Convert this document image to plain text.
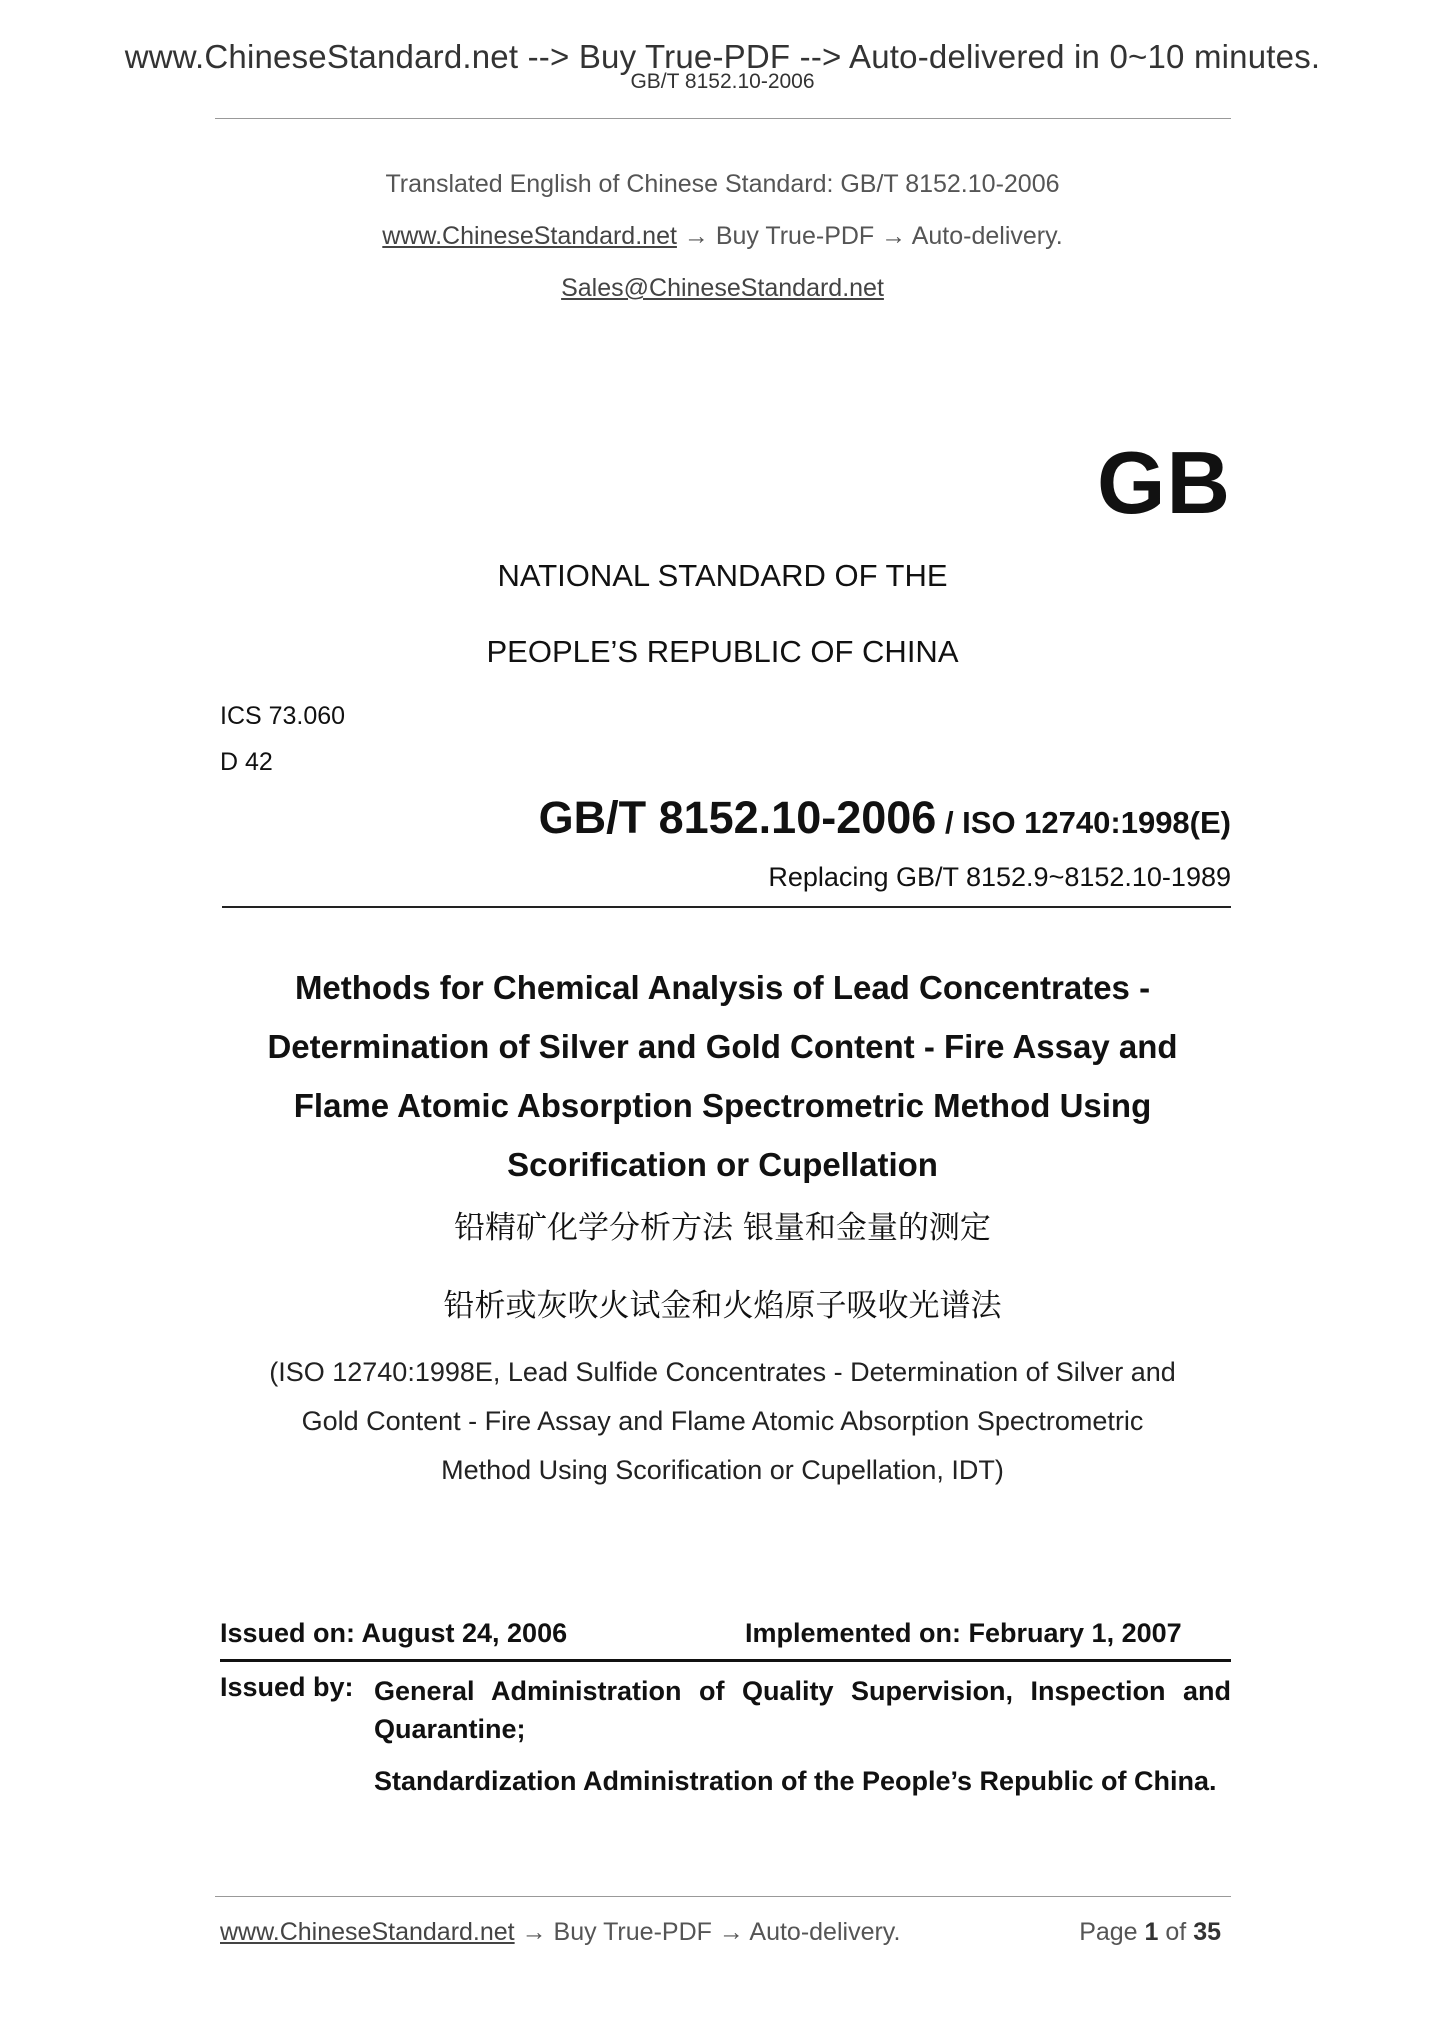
www.ChineseStandard.net --> Buy True-PDF --> Auto-delivered in 0~10 minutes.
GB/T 8152.10-2006
Translated English of Chinese Standard: GB/T 8152.10-2006
www.ChineseStandard.net → Buy True-PDF → Auto-delivery.
Sales@ChineseStandard.net
GB
NATIONAL STANDARD OF THE
PEOPLE’S REPUBLIC OF CHINA
ICS 73.060
D 42
GB/T 8152.10-2006 / ISO 12740:1998(E)
Replacing GB/T 8152.9~8152.10-1989
Methods for Chemical Analysis of Lead Concentrates -
Determination of Silver and Gold Content - Fire Assay and
Flame Atomic Absorption Spectrometric Method Using
Scorification or Cupellation
铅精矿化学分析方法 银量和金量的测定
铅析或灰吹火试金和火焰原子吸收光谱法
(ISO 12740:1998E, Lead Sulfide Concentrates - Determination of Silver and
Gold Content - Fire Assay and Flame Atomic Absorption Spectrometric
Method Using Scorification or Cupellation, IDT)
Issued on: August 24, 2006	Implemented on: February 1, 2007
Issued by: General Administration of Quality Supervision, Inspection and Quarantine;
Standardization Administration of the People’s Republic of China.
www.ChineseStandard.net → Buy True-PDF → Auto-delivery.	Page 1 of 35
